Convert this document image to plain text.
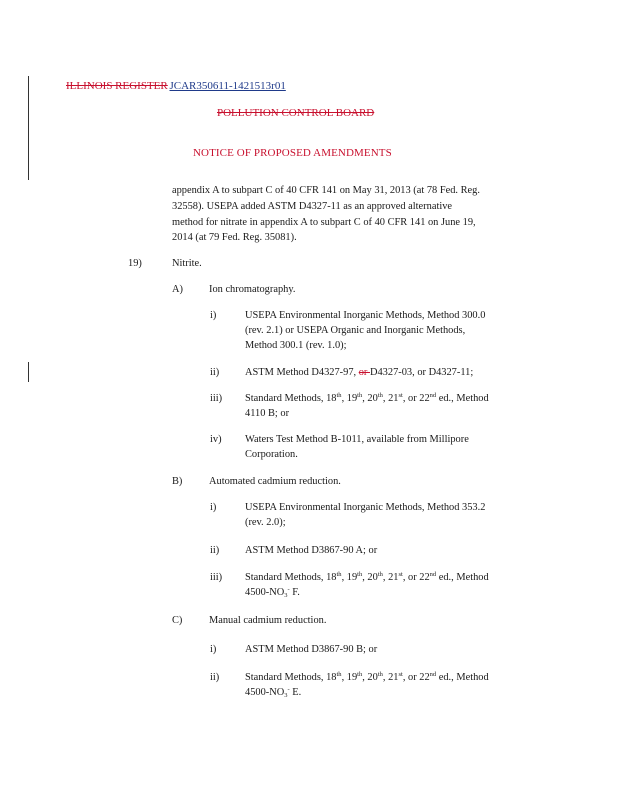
ILLINOIS REGISTER JCAR350611-1421513r01
POLLUTION CONTROL BOARD
NOTICE OF PROPOSED AMENDMENTS
appendix A to subpart C of 40 CFR 141 on May 31, 2013 (at 78 Fed. Reg.
32558). USEPA added ASTM D4327-11 as an approved alternative
method for nitrate in appendix A to subpart C of 40 CFR 141 on June 19,
2014 (at 79 Fed. Reg. 35081).
19)	Nitrite.
A)	Ion chromatography.
i)	USEPA Environmental Inorganic Methods, Method 300.0
(rev. 2.1) or USEPA Organic and Inorganic Methods,
Method 300.1 (rev. 1.0);
ii) ASTM Method D4327-97, or D4327-03, or D4327-11;
iii) Standard Methods, 18th, 19th, 20th, 21st, or 22nd ed., Method
4110 B; or
iv) Waters Test Method B-1011, available from Millipore
Corporation.
B)	Automated cadmium reduction.
i)	USEPA Environmental Inorganic Methods, Method 353.2
(rev. 2.0);
ii) ASTM Method D3867-90 A; or
iii) Standard Methods, 18th, 19th, 20th, 21st, or 22nd ed., Method
$4500-NO_3^-$ F.
C)	Manual cadmium reduction.
i)	ASTM Method D3867-90 B; or
ii) Standard Methods, 18th, 19th, 20th, 21st, or 22nd ed., Method
$4500-NO_3^-$ E.
